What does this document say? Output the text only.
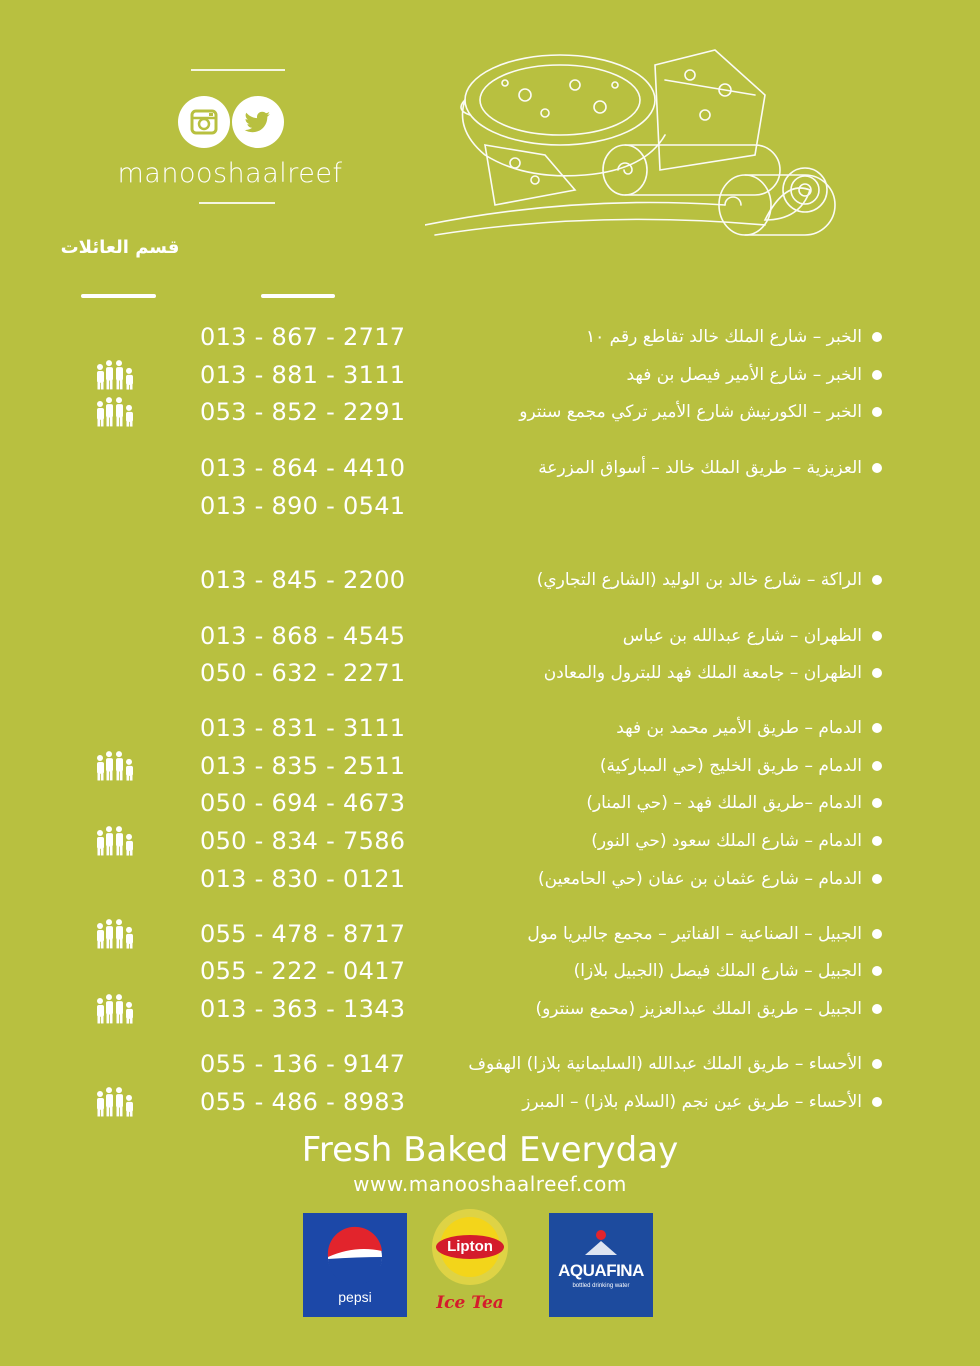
manooshaalreef
قسم العائلات
013 - 867 - 2717	الخبر – شارع الملك خالد تقاطع رقم ١٠
013 - 881 - 3111	الخبر – شارع الأمير فيصل بن فهد
053 - 852 - 2291	الخبر – الكورنيش شارع الأمير تركي مجمع سنترو
013 - 864 - 4410	العزيزية – طريق الملك خالد – أسواق المزرعة
013 - 890 - 0541
013 - 845 - 2200	الراكة – شارع خالد بن الوليد (الشارع التجاري)
013 - 868 - 4545	الظهران – شارع عبدالله بن عباس
050 - 632 - 2271	الظهران – جامعة الملك فهد للبترول والمعادن
013 - 831 - 3111	الدمام – طريق الأمير محمد بن فهد
013 - 835 - 2511	الدمام – طريق الخليج (حي المباركية)
050 - 694 - 4673	الدمام –طريق الملك فهد – (حي المنار)
050 - 834 - 7586	الدمام – شارع الملك سعود (حي النور)
013 - 830 - 0121	الدمام – شارع عثمان بن عفان (حي الحامعين)
055 - 478 - 8717	الجبيل – الصناعية – الفناتير – مجمع جاليريا مول
055 - 222 - 0417	الجبيل – شارع الملك فيصل (الجبيل بلازا)
013 - 363 - 1343	الجبيل – طريق الملك عبدالعزيز (محمع سنترو)
055 - 136 - 9147	الأحساء – طريق الملك عبدالله (السليمانية بلازا) الهفوف
055 - 486 - 8983	الأحساء – طريق عين نجم (السلام بلازا) – المبرز
Fresh Baked Everyday
www.manooshaalreef.com
pepsi
Lipton
Ice Tea
AQUAFINA
bottled drinking water
